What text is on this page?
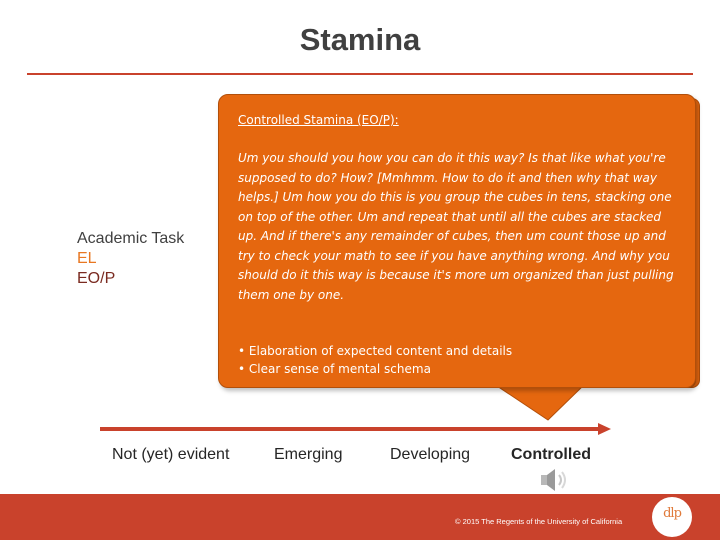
Stamina
Academic Task
EL
EO/P
Controlled Stamina (EO/P):

Um you should you how you can do it this way? Is that like what you're supposed to do? How? [Mmhmm. How to do it and then why that way helps.] Um how you do this is you group the cubes in tens, stacking one on top of the other. Um and repeat that until all the cubes are stacked up. And if there's any remainder of cubes, then um count those up and try to check your math to see if you have anything wrong. And why you should do it this way is because it's more um organized than just pulling them one by one.

• Elaboration of expected content and details
• Clear sense of mental schema
Not (yet) evident	Emerging	Developing	Controlled
© 2015 The Regents of the University of California
dlp
